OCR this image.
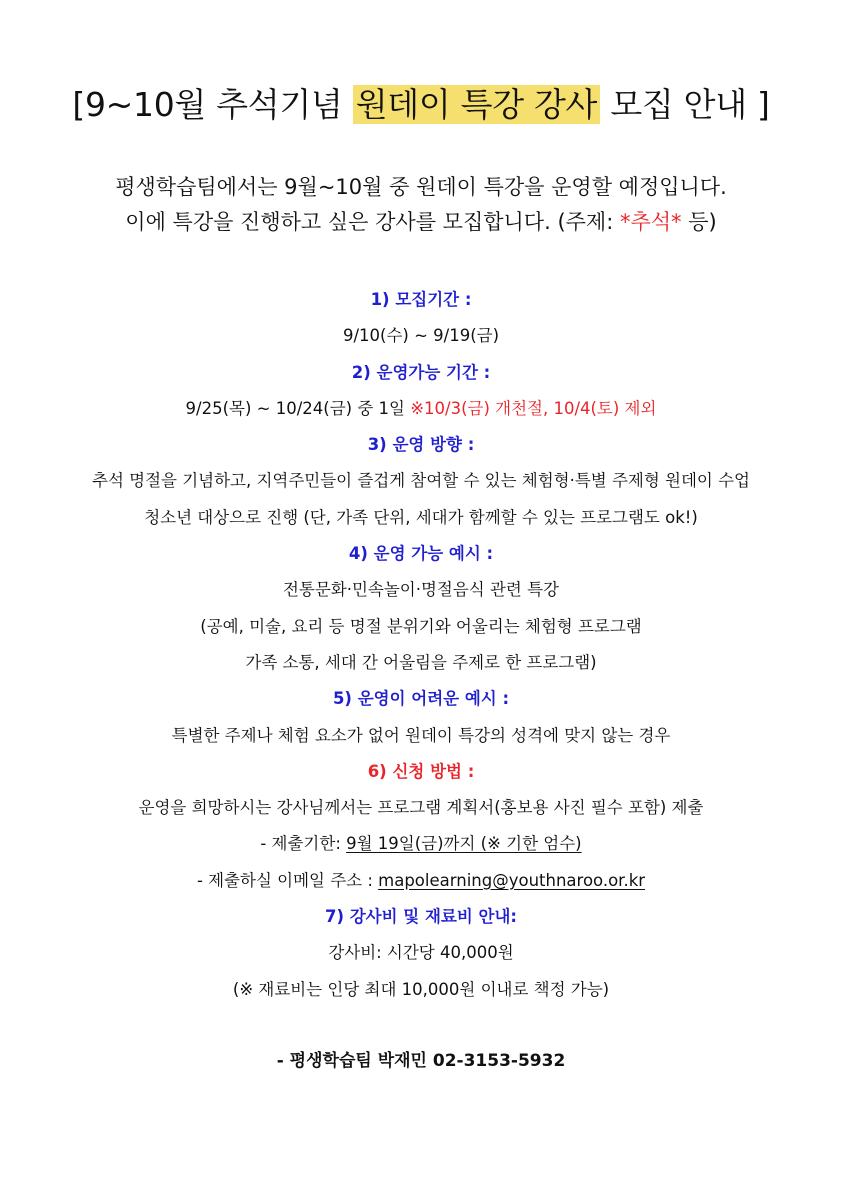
[9~10월 추석기념 원데이 특강 강사 모집 안내 ]
평생학습팀에서는 9월~10월 중 원데이 특강을 운영할 예정입니다.
이에 특강을 진행하고 싶은 강사를 모집합니다. (주제: *추석* 등)
1) 모집기간 :
9/10(수) ~ 9/19(금)
2) 운영가능 기간 :
9/25(목) ~ 10/24(금) 중 1일 ※10/3(금) 개천절, 10/4(토) 제외
3) 운영 방향 :
추석 명절을 기념하고, 지역주민들이 즐겁게 참여할 수 있는 체험형·특별 주제형 원데이 수업
청소년 대상으로 진행 (단, 가족 단위, 세대가 함께할 수 있는 프로그램도 ok!)
4) 운영 가능 예시 :
전통문화·민속놀이·명절음식 관련 특강
(공예, 미술, 요리 등 명절 분위기와 어울리는 체험형 프로그램
가족 소통, 세대 간 어울림을 주제로 한 프로그램)
5) 운영이 어려운 예시 :
특별한 주제나 체험 요소가 없어 원데이 특강의 성격에 맞지 않는 경우
6) 신청 방법 :
운영을 희망하시는 강사님께서는 프로그램 계획서(홍보용 사진 필수 포함) 제출
- 제출기한: 9월 19일(금)까지 (※ 기한 엄수)
- 제출하실 이메일 주소 : mapolearning@youthnaroo.or.kr
7) 강사비 및 재료비 안내:
강사비: 시간당 40,000원
(※ 재료비는 인당 최대 10,000원 이내로 책정 가능)
- 평생학습팀 박재민 02-3153-5932
